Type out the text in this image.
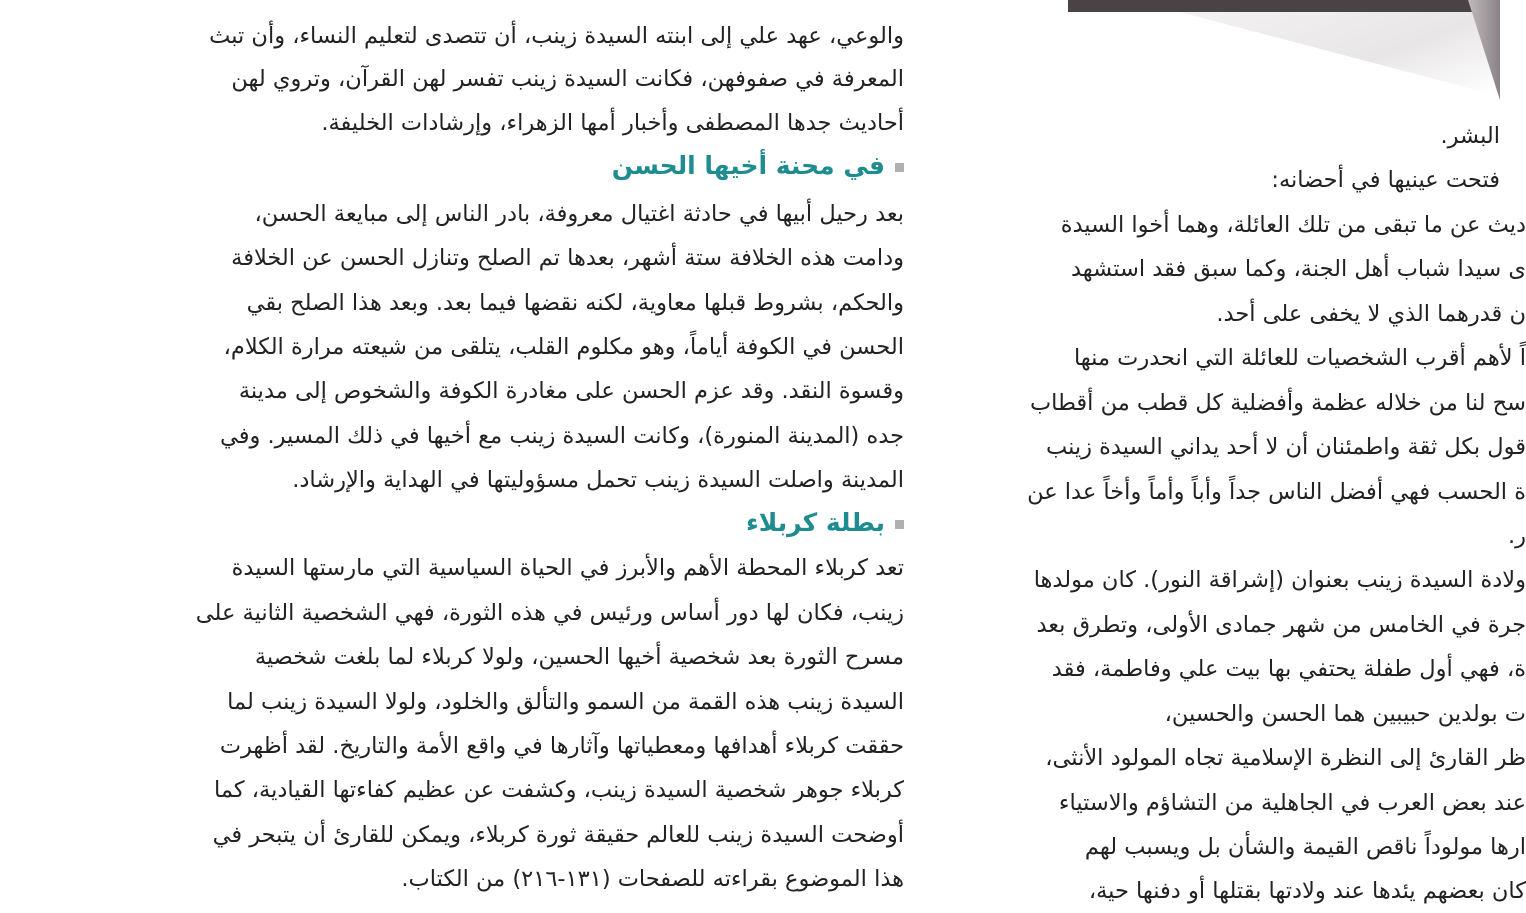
والوعي، عهد علي إلى ابنته السيدة زينب، أن تتصدى لتعليم النساء، وأن تبث
المعرفة في صفوفهن، فكانت السيدة زينب تفسر لهن القرآن، وتروي لهن
أحاديث جدها المصطفى وأخبار أمها الزهراء، وإرشادات الخليفة.
في محنة أخيها الحسن
بعد رحيل أبيها في حادثة اغتيال معروفة، بادر الناس إلى مبايعة الحسن،
ودامت هذه الخلافة ستة أشهر، بعدها تم الصلح وتنازل الحسن عن الخلافة
والحكم، بشروط قبلها معاوية، لكنه نقضها فيما بعد. وبعد هذا الصلح بقي
الحسن في الكوفة أياماً، وهو مكلوم القلب، يتلقى من شيعته مرارة الكلام،
وقسوة النقد. وقد عزم الحسن على مغادرة الكوفة والشخوص إلى مدينة
جده (المدينة المنورة)، وكانت السيدة زينب مع أخيها في ذلك المسير. وفي
المدينة واصلت السيدة زينب تحمل مسؤوليتها في الهداية والإرشاد.
بطلة كربلاء
تعد كربلاء المحطة الأهم والأبرز في الحياة السياسية التي مارستها السيدة
زينب، فكان لها دور أساس ورئيس في هذه الثورة، فهي الشخصية الثانية على
مسرح الثورة بعد شخصية أخيها الحسين، ولولا كربلاء لما بلغت شخصية
السيدة زينب هذه القمة من السمو والتألق والخلود، ولولا السيدة زينب لما
حققت كربلاء أهدافها ومعطياتها وآثارها في واقع الأمة والتاريخ. لقد أظهرت
كربلاء جوهر شخصية السيدة زينب، وكشفت عن عظيم كفاءتها القيادية، كما
أوضحت السيدة زينب للعالم حقيقة ثورة كربلاء، ويمكن للقارئ أن يتبحر في
هذا الموضوع بقراءته للصفحات (١٣١-٢١٦) من الكتاب.
البشر.
فتحت عينيها في أحضانه:
ديث عن ما تبقى من تلك العائلة، وهما أخوا السيدة
ى سيدا شباب أهل الجنة، وكما سبق فقد استشهد
ن قدرهما الذي لا يخفى على أحد.
اً لأهم أقرب الشخصيات للعائلة التي انحدرت منها
سح لنا من خلاله عظمة وأفضلية كل قطب من أقطاب
قول بكل ثقة واطمئنان أن لا أحد يداني السيدة زينب
ة الحسب فهي أفضل الناس جداً وأباً وأماً وأخاً عدا عن
ر.
ولادة السيدة زينب بعنوان (إشراقة النور). كان مولدها
جرة في الخامس من شهر جمادى الأولى، وتطرق بعد
ة، فهي أول طفلة يحتفي بها بيت علي وفاطمة، فقد
ت بولدين حبيبين هما الحسن والحسين،
ظر القارئ إلى النظرة الإسلامية تجاه المولود الأنثى،
عند بعض العرب في الجاهلية من التشاؤم والاستياء
ارها مولوداً ناقص القيمة والشأن بل ويسبب لهم
كان بعضهم يئدها عند ولادتها بقتلها أو دفنها حية،
